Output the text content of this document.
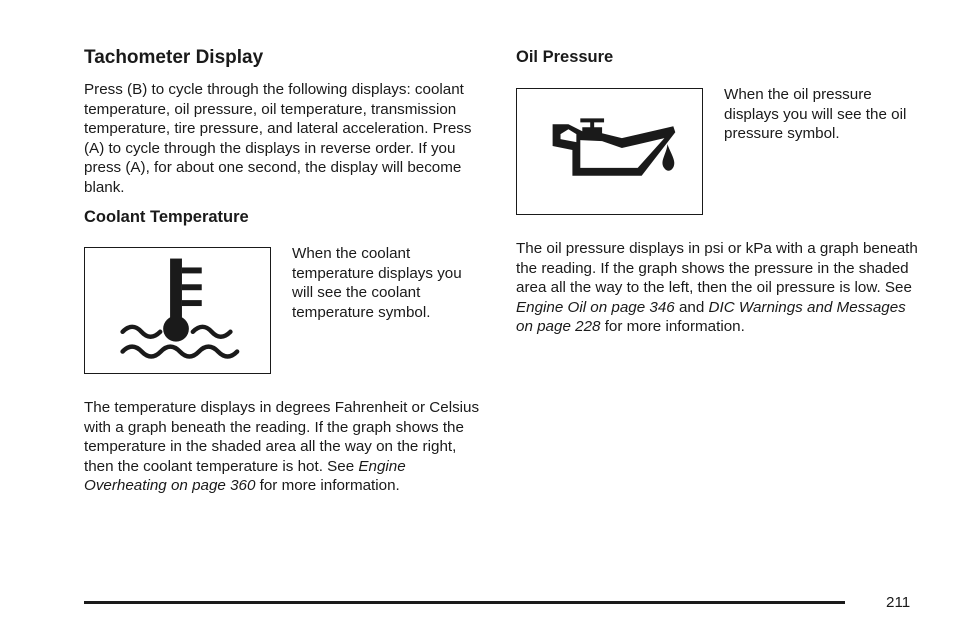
Tachometer Display

Press (B) to cycle through the following displays: coolant temperature, oil pressure, oil temperature, transmission temperature, tire pressure, and lateral acceleration. Press (A) to cycle through the displays in reverse order. If you press (A), for about one second, the display will become blank.

Coolant Temperature

When the coolant temperature displays you will see the coolant temperature symbol.

The temperature displays in degrees Fahrenheit or Celsius with a graph beneath the reading. If the graph shows the temperature in the shaded area all the way on the right, then the coolant temperature is hot. See Engine Overheating on page 360 for more information.

Oil Pressure

When the oil pressure displays you will see the oil pressure symbol.

The oil pressure displays in psi or kPa with a graph beneath the reading. If the graph shows the pressure in the shaded area all the way to the left, then the oil pressure is low. See Engine Oil on page 346 and DIC Warnings and Messages on page 228 for more information.

211
